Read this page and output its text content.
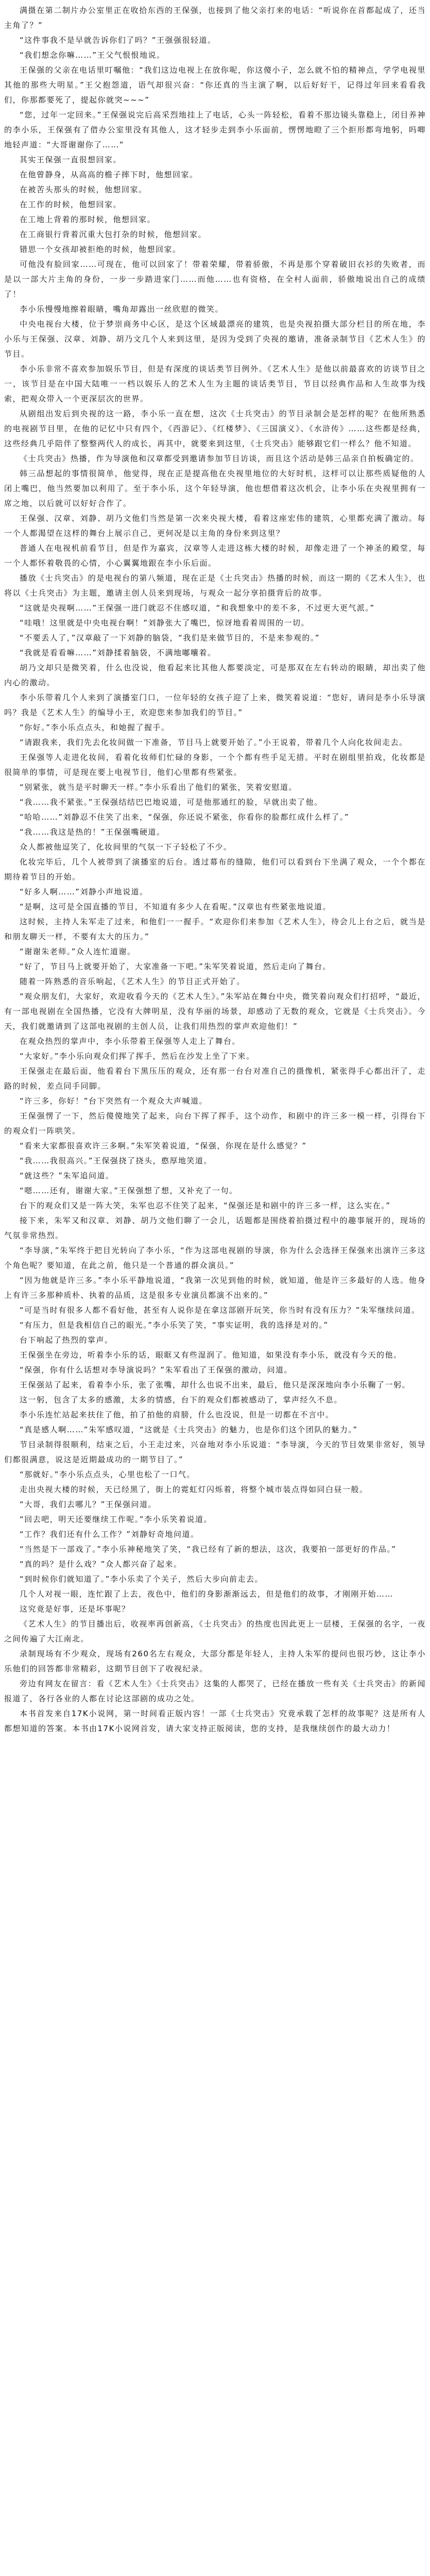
满摄在第二制片办公室里正在收拾东西的王保强，也接到了他父亲打来的电话：“听说你在首都起成了，还当主角了？”

“这件事我不是早就告诉你们了吗？”王强强很轻道。

“我们想念你嘛……”王父气恨恨地说。

王保强的父亲在电话里叮嘱他：“我们这边电视上在放你呢，你这傻小子，怎么就不怕的精神点，学学电视里其他的那些大明星。”王父抱怨道，语气却很兴奋：“你还真的当主演了啊，以后好好干，记得过年回来看看我们，你那都要死了，提起你就突~~~”

“您，过年一定回来。”王保强说完后高采烈地挂上了电话，心头一阵轻松，看着不那边镜头靠稳上，闭目养神的李小乐，王保强有了借办公室里没有其他人，这才轻步走到李小乐面前，愣愣地瞪了三个拒形都弯地躬，吗唧地轻声道：“大哥谢谢你了……”

其实王保强一直很想回家。

在他曾静身，从高高的檐子摔下时，他想回家。

在被苦头那头的时候，他想回家。

在工作的时候，他想回家。

在工地上背着的那时候，他想回家。

在工商银行背着沉重大包打杂的时候，他想回家。

错思一个女孩却被拒绝的时候，他想回家。

可他没有脸回家……可现在，他可以回家了！带着荣耀，带着骄傲，不再是那个穿着破旧衣衫的失败者，而是以一部大片主角的身份，一步一步踏进家门……而他……也有资格，在全村人面前，骄傲地说出自己的成绩了！

李小乐慢慢地擦着眼睛，嘴角却露出一丝欣慰的微笑。

中央电视台大楼，位于梦崇商务中心区，是这个区域最漂亮的建筑，也是央视拍摄大部分栏目的所在地，李小乐与王保强、汉章、刘静、胡乃文几个人来到这里，是因为受到了央视的邀请，准备录制节目《艺术人生》的节目。

李小乐非常不喜欢参加娱乐节目，但是有深度的谈话类节目例外。《艺术人生》是他以前最喜欢的访谈节目之一，该节目是在中国大陆唯一一档以娱乐人的艺术人生为主题的谈话类节目，节目以经典作品和人生故事为线索，把观众带入一个更深层次的世界。

从剧组出发后到央视的这一路，李小乐一直在想，这次《士兵突击》的节目录制会是怎样的呢？在他所熟悉的电视剧节目里，在他的记忆中只有四个，《西游记》、《红楼梦》、《三国演义》、《水浒传》……这些都是经典，这些经典几乎陪伴了整整两代人的成长，再其中，就要来到这里，《士兵突击》能够跟它们一样么？他不知道。

《士兵突击》热播，作为导演他和汉章都受到邀请参加节目访谈，而且这个活动是韩三品亲自拍板确定的。

韩三品想起的事情很简单，他觉得，现在正是提高他在央视里地位的大好时机，这样可以让那些质疑他的人闭上嘴巴，他当然要加以利用了。至于李小乐，这个年轻导演，他也想借着这次机会，让李小乐在央视里拥有一席之地，以后就可以好好合作了。

王保强、汉章、刘静、胡乃文他们当然是第一次来央视大楼，看着这座宏伟的建筑，心里都充满了激动。每一个人都渴望在这样的舞台上展示自己，更何况是以主角的身份来到这里？

普通人在电视机前看节目，但是作为嘉宾，汉章等人走进这栋大楼的时候，却像走进了一个神圣的殿堂，每一个人都怀着敬畏的心情，小心翼翼地跟在李小乐后面。

播放《士兵突击》的是电视台的第八频道，现在正是《士兵突击》热播的时候，而这一期的《艺术人生》，也将以《士兵突击》为主题，邀请主创人员来到现场，与观众一起分享拍摄背后的故事。

“这就是央视啊……”王保强一进门就忍不住感叹道，“和我想象中的差不多，不过更大更气派。”

“哇哦！这里就是中央电视台啊！”刘静张大了嘴巴，惊讶地看着周围的一切。

“不要丢人了，”汉章敲了一下刘静的脑袋，“我们是来做节目的，不是来参观的。”

“我就是看看嘛……”刘静揉着脑袋，不满地嘟囔着。

胡乃文却只是微笑着，什么也没说，他看起来比其他人都要淡定，可是那双在左右转动的眼睛，却出卖了他内心的激动。

李小乐带着几个人来到了演播室门口，一位年轻的女孩子迎了上来，微笑着说道：“您好，请问是李小乐导演吗？我是《艺术人生》的编导小王，欢迎您来参加我们的节目。”

“你好。”李小乐点点头，和她握了握手。

“请跟我来，我们先去化妆间做一下准备，节目马上就要开始了。”小王说着，带着几个人向化妆间走去。

王保强等人走进化妆间，看着化妆师们忙碌的身影，一个个都有些手足无措。平时在剧组里拍戏，化妆都是很简单的事情，可是现在要上电视节目，他们心里都有些紧张。

“别紧张，就当是平时聊天一样。”李小乐看出了他们的紧张，笑着安慰道。

“我……我不紧张。”王保强结结巴巴地说道，可是他那通红的脸，早就出卖了他。

“哈哈……”刘静忍不住笑了出来，“保强，你还说不紧张，你看你的脸都红成什么样了。”

“我……我这是热的！”王保强嘴硬道。

众人都被他逗笑了，化妆间里的气氛一下子轻松了不少。

化妆完毕后，几个人被带到了演播室的后台。透过幕布的缝隙，他们可以看到台下坐满了观众，一个个都在期待着节目的开始。

“好多人啊……”刘静小声地说道。

“是啊，这可是全国直播的节目，不知道有多少人在看呢。”汉章也有些紧张地说道。

这时候，主持人朱军走了过来，和他们一一握手。“欢迎你们来参加《艺术人生》，待会儿上台之后，就当是和朋友聊天一样，不要有太大的压力。”

“谢谢朱老师。”众人连忙道谢。

“好了，节目马上就要开始了，大家准备一下吧。”朱军笑着说道，然后走向了舞台。

随着一阵熟悉的音乐响起，《艺术人生》的节目正式开始了。

“观众朋友们，大家好，欢迎收看今天的《艺术人生》。”朱军站在舞台中央，微笑着向观众们打招呼，“最近，有一部电视剧在全国热播，它没有大牌明星，没有华丽的场景，却感动了无数的观众，它就是《士兵突击》。今天，我们就邀请到了这部电视剧的主创人员，让我们用热烈的掌声欢迎他们！”

在观众热烈的掌声中，李小乐带着王保强等人走上了舞台。

“大家好。”李小乐向观众们挥了挥手，然后在沙发上坐了下来。

王保强走在最后面，他看着台下黑压压的观众，还有那一台台对准自己的摄像机，紧张得手心都出汗了，走路的时候，差点同手同脚。

“许三多，你好！”台下突然有一个观众大声喊道。

王保强愣了一下，然后傻傻地笑了起来，向台下挥了挥手，这个动作，和剧中的许三多一模一样，引得台下的观众们一阵哄笑。

“看来大家都很喜欢许三多啊。”朱军笑着说道，“保强，你现在是什么感觉？”

“我……我很高兴。”王保强挠了挠头，憨厚地笑道。

“就这些？”朱军追问道。

“嗯……还有，谢谢大家。”王保强想了想，又补充了一句。

台下的观众们又是一阵大笑，朱军也忍不住笑了起来，“保强还是和剧中的许三多一样，这么实在。”

接下来，朱军又和汉章、刘静、胡乃文他们聊了一会儿，话题都是围绕着拍摄过程中的趣事展开的，现场的气氛非常热烈。

“李导演，”朱军终于把目光转向了李小乐，“作为这部电视剧的导演，你为什么会选择王保强来出演许三多这个角色呢？要知道，在此之前，他只是一个普通的群众演员。”

“因为他就是许三多。”李小乐平静地说道，“我第一次见到他的时候，就知道，他是许三多最好的人选。他身上有许三多那种质朴、执着的品质，这是很多专业演员都演不出来的。”

“可是当时有很多人都不看好他，甚至有人说你是在拿这部剧开玩笑，你当时有没有压力？”朱军继续问道。

“有压力，但是我相信自己的眼光。”李小乐笑了笑，“事实证明，我的选择是对的。”

台下响起了热烈的掌声。

王保强坐在旁边，听着李小乐的话，眼眶又有些湿润了。他知道，如果没有李小乐，就没有今天的他。

“保强，你有什么话想对李导演说吗？”朱军看出了王保强的激动，问道。

王保强站了起来，看着李小乐，张了张嘴，却什么也说不出来，最后，他只是深深地向李小乐鞠了一躬。

这一躬，包含了太多的感激，太多的情感，台下的观众们都被感动了，掌声经久不息。

李小乐连忙站起来扶住了他，拍了拍他的肩膀，什么也没说，但是一切都在不言中。

“真是感人啊……”朱军感叹道，“这就是《士兵突击》的魅力，也是你们这个团队的魅力。”

节目录制得很顺利，结束之后，小王走过来，兴奋地对李小乐说道：“李导演，今天的节目效果非常好，领导们都很满意，说这是近期最成功的一期节目了。”

“那就好。”李小乐点点头，心里也松了一口气。

走出央视大楼的时候，天已经黑了，街上的霓虹灯闪烁着，将整个城市装点得如同白昼一般。

“大哥，我们去哪儿？”王保强问道。

“回去吧，明天还要继续工作呢。”李小乐笑着说道。

“工作？我们还有什么工作？”刘静好奇地问道。

“当然是下一部戏了。”李小乐神秘地笑了笑，“我已经有了新的想法，这次，我要拍一部更好的作品。”

“真的吗？是什么戏？”众人都兴奋了起来。

“到时候你们就知道了。”李小乐卖了个关子，然后大步向前走去。

几个人对视一眼，连忙跟了上去，夜色中，他们的身影渐渐远去，但是他们的故事，才刚刚开始……

这究竟是好事，还是坏事呢？

《艺术人生》的节目播出后，收视率再创新高，《士兵突击》的热度也因此更上一层楼，王保强的名字，一夜之间传遍了大江南北。

录制现场有不少观众，现场有260名左右观众，大部分都是年轻人，主持人朱军的提问也很巧妙，这让李小乐他们的回答都非常精彩，这期节目创下了收视纪录。

旁边有网友在留言：看《艺术人生》《士兵突击》这集的人都哭了，已经在播放一些有关《士兵突击》的新闻报道了，各行各业的人都在讨论这部剧的成功之处。

本书首发来自17K小说网，第一时间看正版内容！一部《士兵突击》究竟承载了怎样的故事呢？这是所有人都想知道的答案。本书由17K小说网首发，请大家支持正版阅读，您的支持，是我继续创作的最大动力！
